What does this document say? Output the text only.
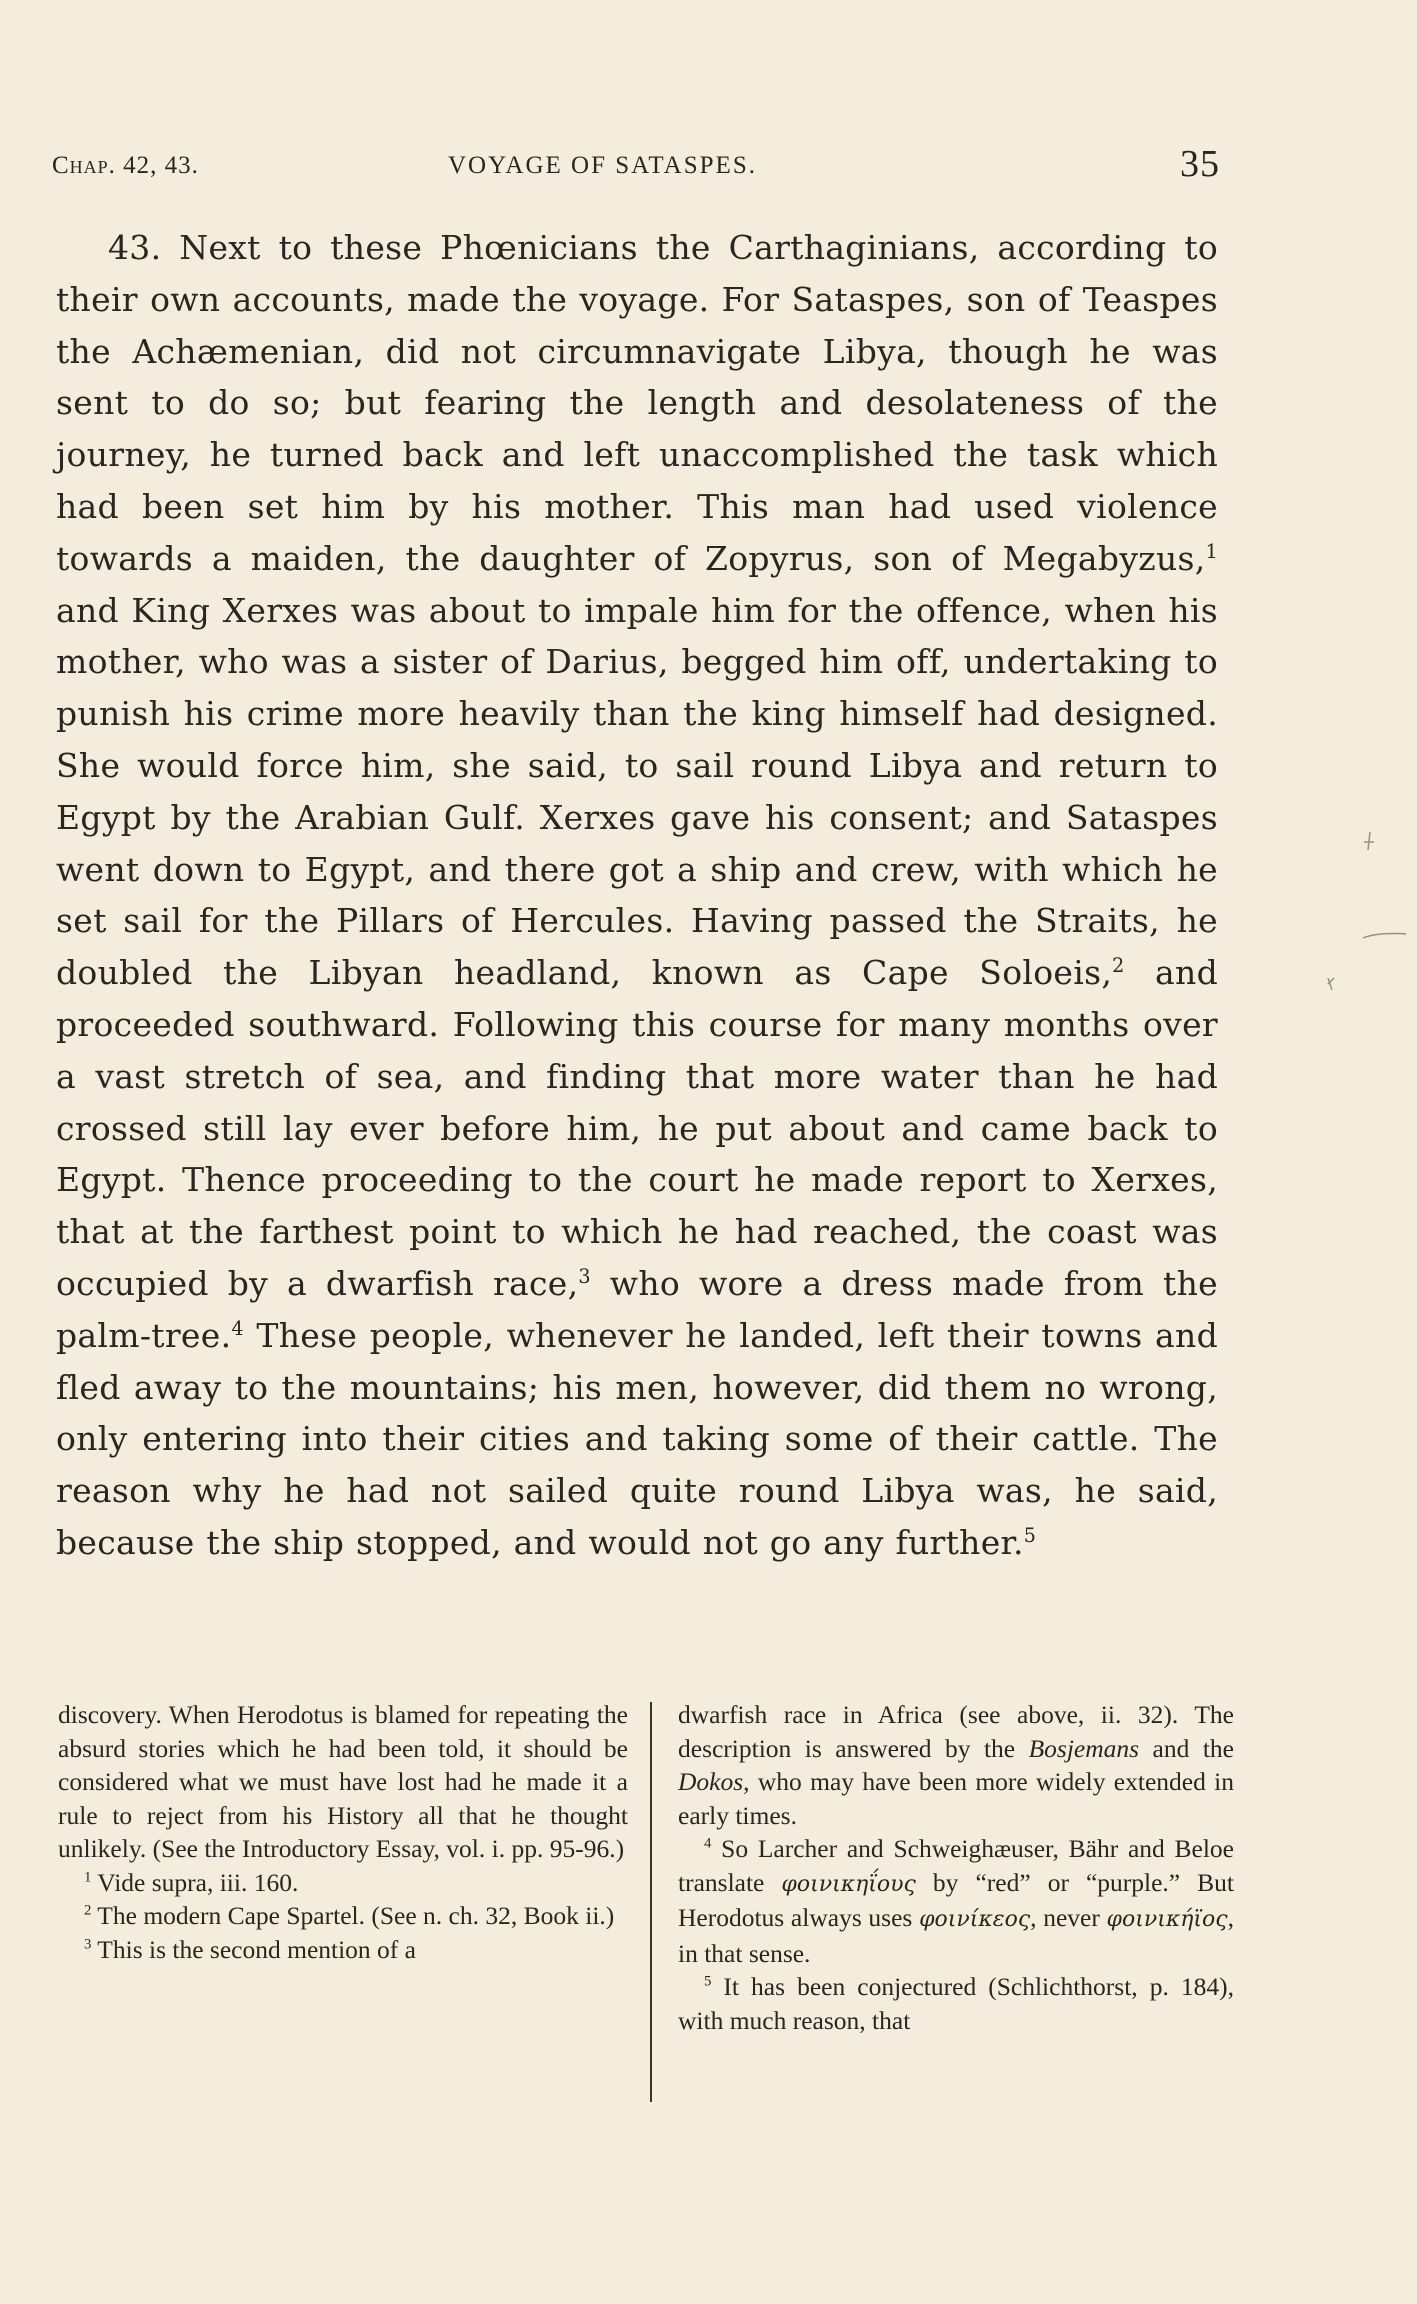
Chap. 42, 43.	VOYAGE OF SATASPES.	35

43. Next to these Phœnicians the Carthaginians, according to their own accounts, made the voyage. For Sataspes, son of Teaspes the Achæmenian, did not circumnavigate Libya, though he was sent to do so; but fearing the length and desolateness of the journey, he turned back and left unaccomplished the task which had been set him by his mother. This man had used violence towards a maiden, the daughter of Zopyrus, son of Megabyzus,$^1$ and King Xerxes was about to impale him for the offence, when his mother, who was a sister of Darius, begged him off, undertaking to punish his crime more heavily than the king himself had designed. She would force him, she said, to sail round Libya and return to Egypt by the Arabian Gulf. Xerxes gave his consent; and Sataspes went down to Egypt, and there got a ship and crew, with which he set sail for the Pillars of Hercules. Having passed the Straits, he doubled the Libyan headland, known as Cape Soloeis,$^2$ and proceeded southward. Following this course for many months over a vast stretch of sea, and finding that more water than he had crossed still lay ever before him, he put about and came back to Egypt. Thence proceeding to the court he made report to Xerxes, that at the farthest point to which he had reached, the coast was occupied by a dwarfish race,$^3$ who wore a dress made from the palm-tree.$^4$ These people, whenever he landed, left their towns and fled away to the mountains; his men, however, did them no wrong, only entering into their cities and taking some of their cattle. The reason why he had not sailed quite round Libya was, he said, because the ship stopped, and would not go any further.$^5$

discovery. When Herodotus is blamed for repeating the absurd stories which he had been told, it should be considered what we must have lost had he made it a rule to reject from his History all that he thought unlikely. (See the Introductory Essay, vol. i. pp. 95-96.)
$^1$ Vide supra, iii. 160.
$^2$ The modern Cape Spartel. (See n. ch. 32, Book ii.)
$^3$ This is the second mention of a
dwarfish race in Africa (see above, ii. 32). The description is answered by the Bosjemans and the Dokos, who may have been more widely extended in early times.
$^4$ So Larcher and Schweighæuser, Bähr and Beloe translate φοινικηΐους by “red” or “purple.” But Herodotus always uses φοινίκεος, never φοινικήϊος, in that sense.
$^5$ It has been conjectured (Schlichthorst, p. 184), with much reason, that
